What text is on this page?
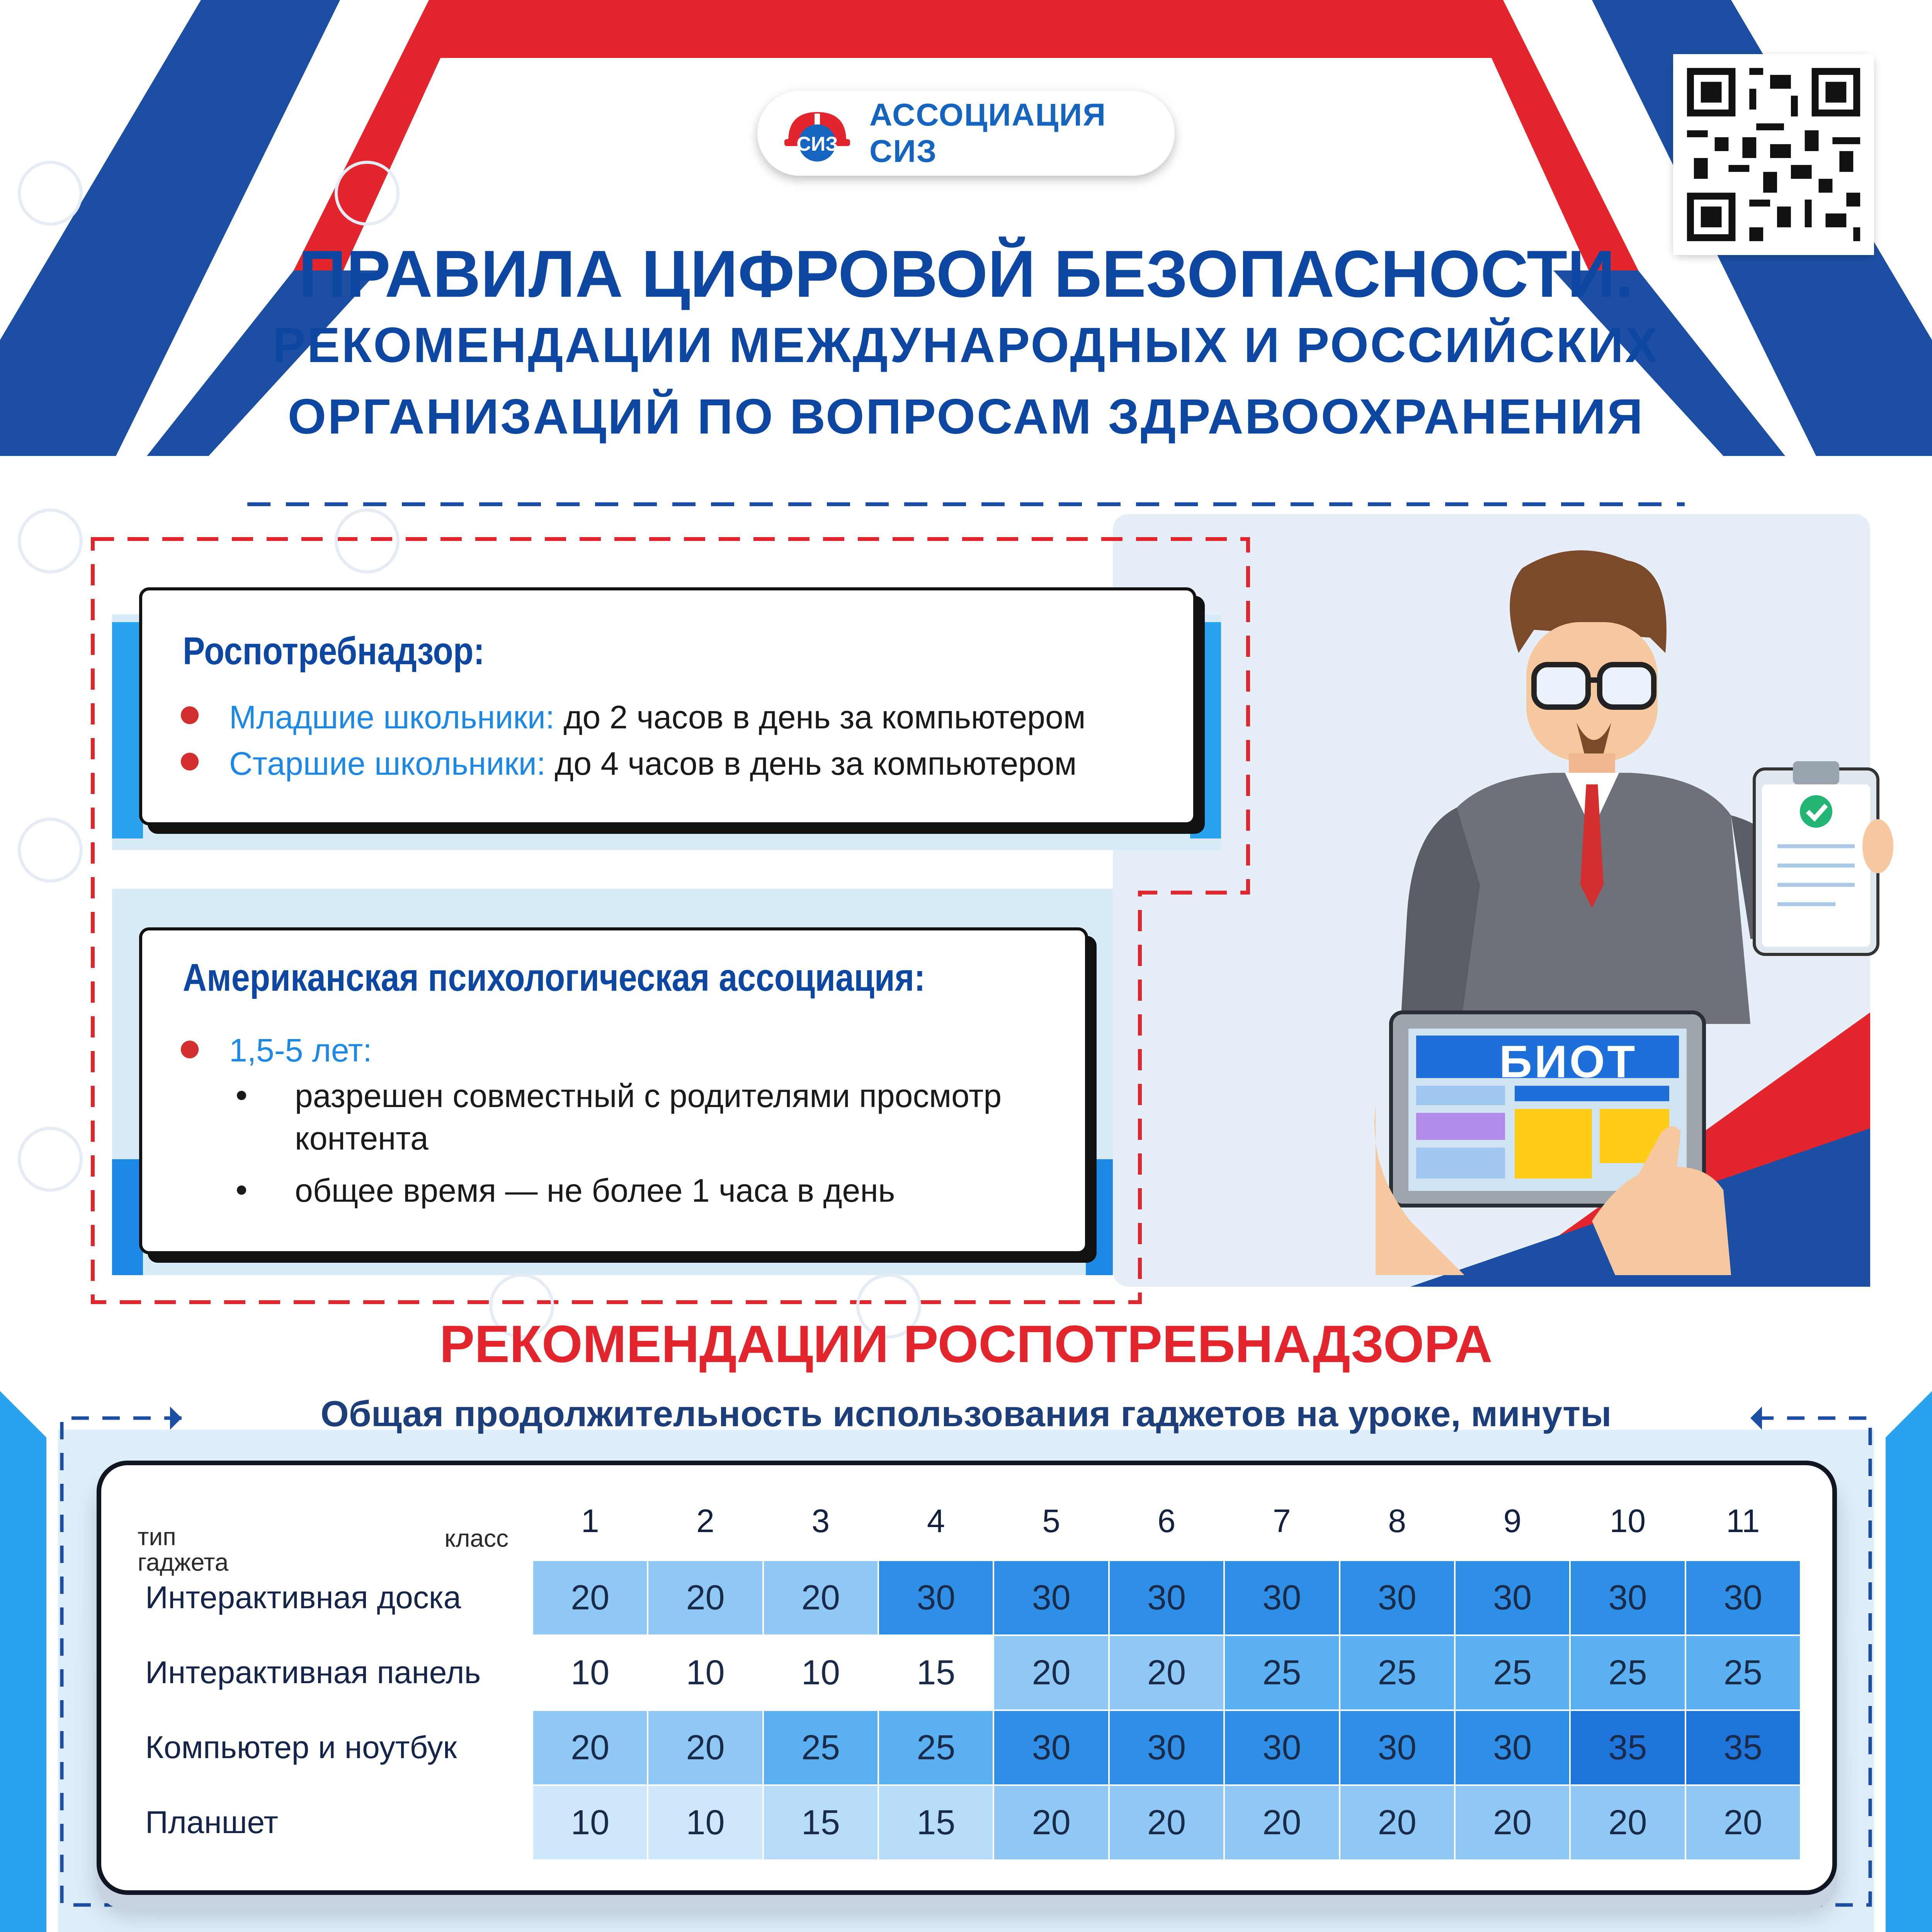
СИЗ
АССОЦИАЦИЯ СИЗ
ПРАВИЛА ЦИФРОВОЙ БЕЗОПАСНОСТИ.
РЕКОМЕНДАЦИИ МЕЖДУНАРОДНЫХ И РОССИЙСКИХ
ОРГАНИЗАЦИЙ ПО ВОПРОСАМ ЗДРАВООХРАНЕНИЯ
Роспотребнадзор:
Младшие школьники: до 2 часов в день за компьютером
Старшие школьники: до 4 часов в день за компьютером
Американская психологическая ассоциация:
1,5-5 лет:
разрешен совместный с родителями просмотр
контента
общее время — не более 1 часа в день
БИОТ
РЕКОМЕНДАЦИИ РОСПОТРЕБНАДЗОРА
Общая продолжительность использования гаджетов на уроке, минуты
тип
гаджета
класс	1	2	3	4	5	6	7	8	9	10	11
Интерактивная доска	20	20	20	30	30	30	30	30	30	30	30
Интерактивная панель	10	10	10	15	20	20	25	25	25	25	25
Компьютер и ноутбук	20	20	25	25	30	30	30	30	30	35	35
Планшет	10	10	15	15	20	20	20	20	20	20	20
